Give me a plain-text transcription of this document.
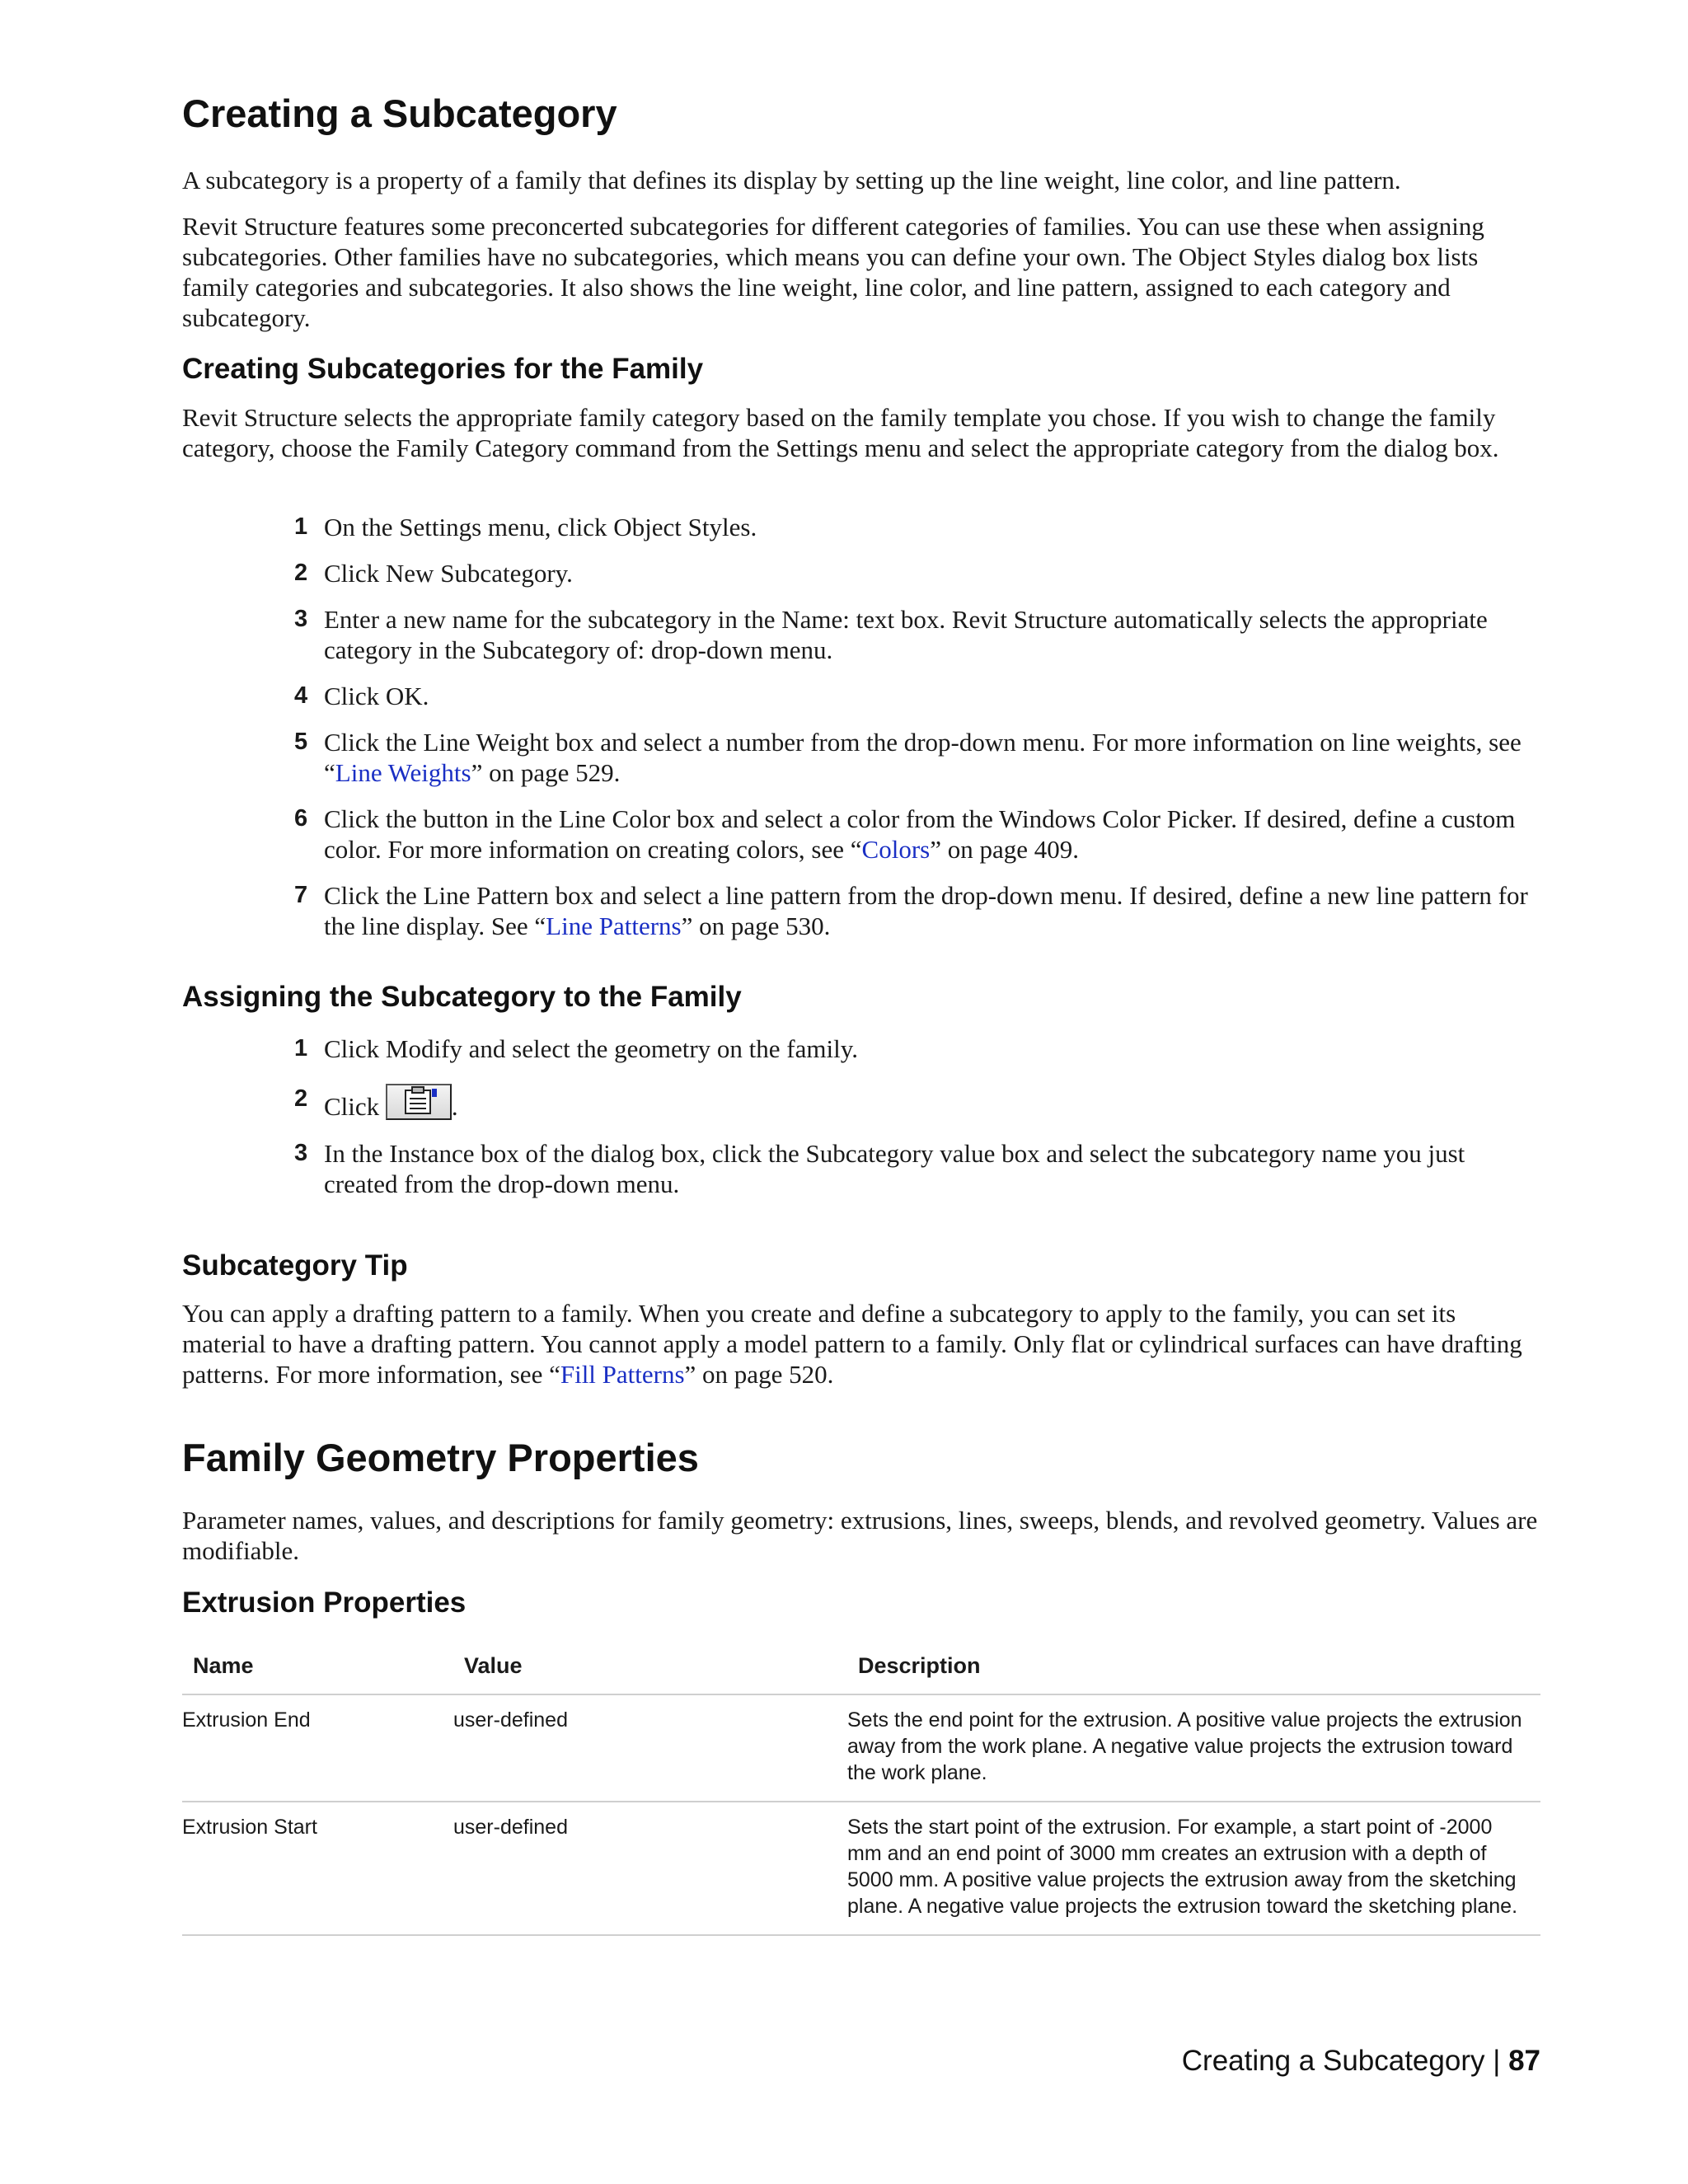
Creating a Subcategory

A subcategory is a property of a family that defines its display by setting up the line weight, line color, and line pattern.

Revit Structure features some preconcerted subcategories for different categories of families. You can use these when assigning subcategories. Other families have no subcategories, which means you can define your own. The Object Styles dialog box lists family categories and subcategories. It also shows the line weight, line color, and line pattern, assigned to each category and subcategory.

Creating Subcategories for the Family

Revit Structure selects the appropriate family category based on the family template you chose. If you wish to change the family category, choose the Family Category command from the Settings menu and select the appropriate category from the dialog box.

1 On the Settings menu, click Object Styles.
2 Click New Subcategory.
3 Enter a new name for the subcategory in the Name: text box. Revit Structure automatically selects the appropriate category in the Subcategory of: drop-down menu.
4 Click OK.
5 Click the Line Weight box and select a number from the drop-down menu. For more information on line weights, see “Line Weights” on page 529.
6 Click the button in the Line Color box and select a color from the Windows Color Picker. If desired, define a custom color. For more information on creating colors, see “Colors” on page 409.
7 Click the Line Pattern box and select a line pattern from the drop-down menu. If desired, define a new line pattern for the line display. See “Line Patterns” on page 530.
Assigning the Subcategory to the Family
1 Click Modify and select the geometry on the family.
2 Click	.
3 In the Instance box of the dialog box, click the Subcategory value box and select the subcategory name you just created from the drop-down menu.
Subcategory Tip

You can apply a drafting pattern to a family. When you create and define a subcategory to apply to the family, you can set its material to have a drafting pattern. You cannot apply a model pattern to a family. Only flat or cylindrical surfaces can have drafting patterns. For more information, see “Fill Patterns” on page 520.

Family Geometry Properties

Parameter names, values, and descriptions for family geometry: extrusions, lines, sweeps, blends, and revolved geometry. Values are modifiable.

Extrusion Properties
Name	Value	Description
Extrusion End	user-defined	Sets the end point for the extrusion. A positive value projects the extrusion away from the work plane. A negative value projects the extrusion toward the work plane.
Extrusion Start	user-defined	Sets the start point of the extrusion. For example, a start point of -2000 mm and an end point of 3000 mm creates an extrusion with a depth of 5000 mm. A positive value projects the extrusion away from the sketching plane. A negative value projects the extrusion toward the sketching plane.
Creating a Subcategory | 87
